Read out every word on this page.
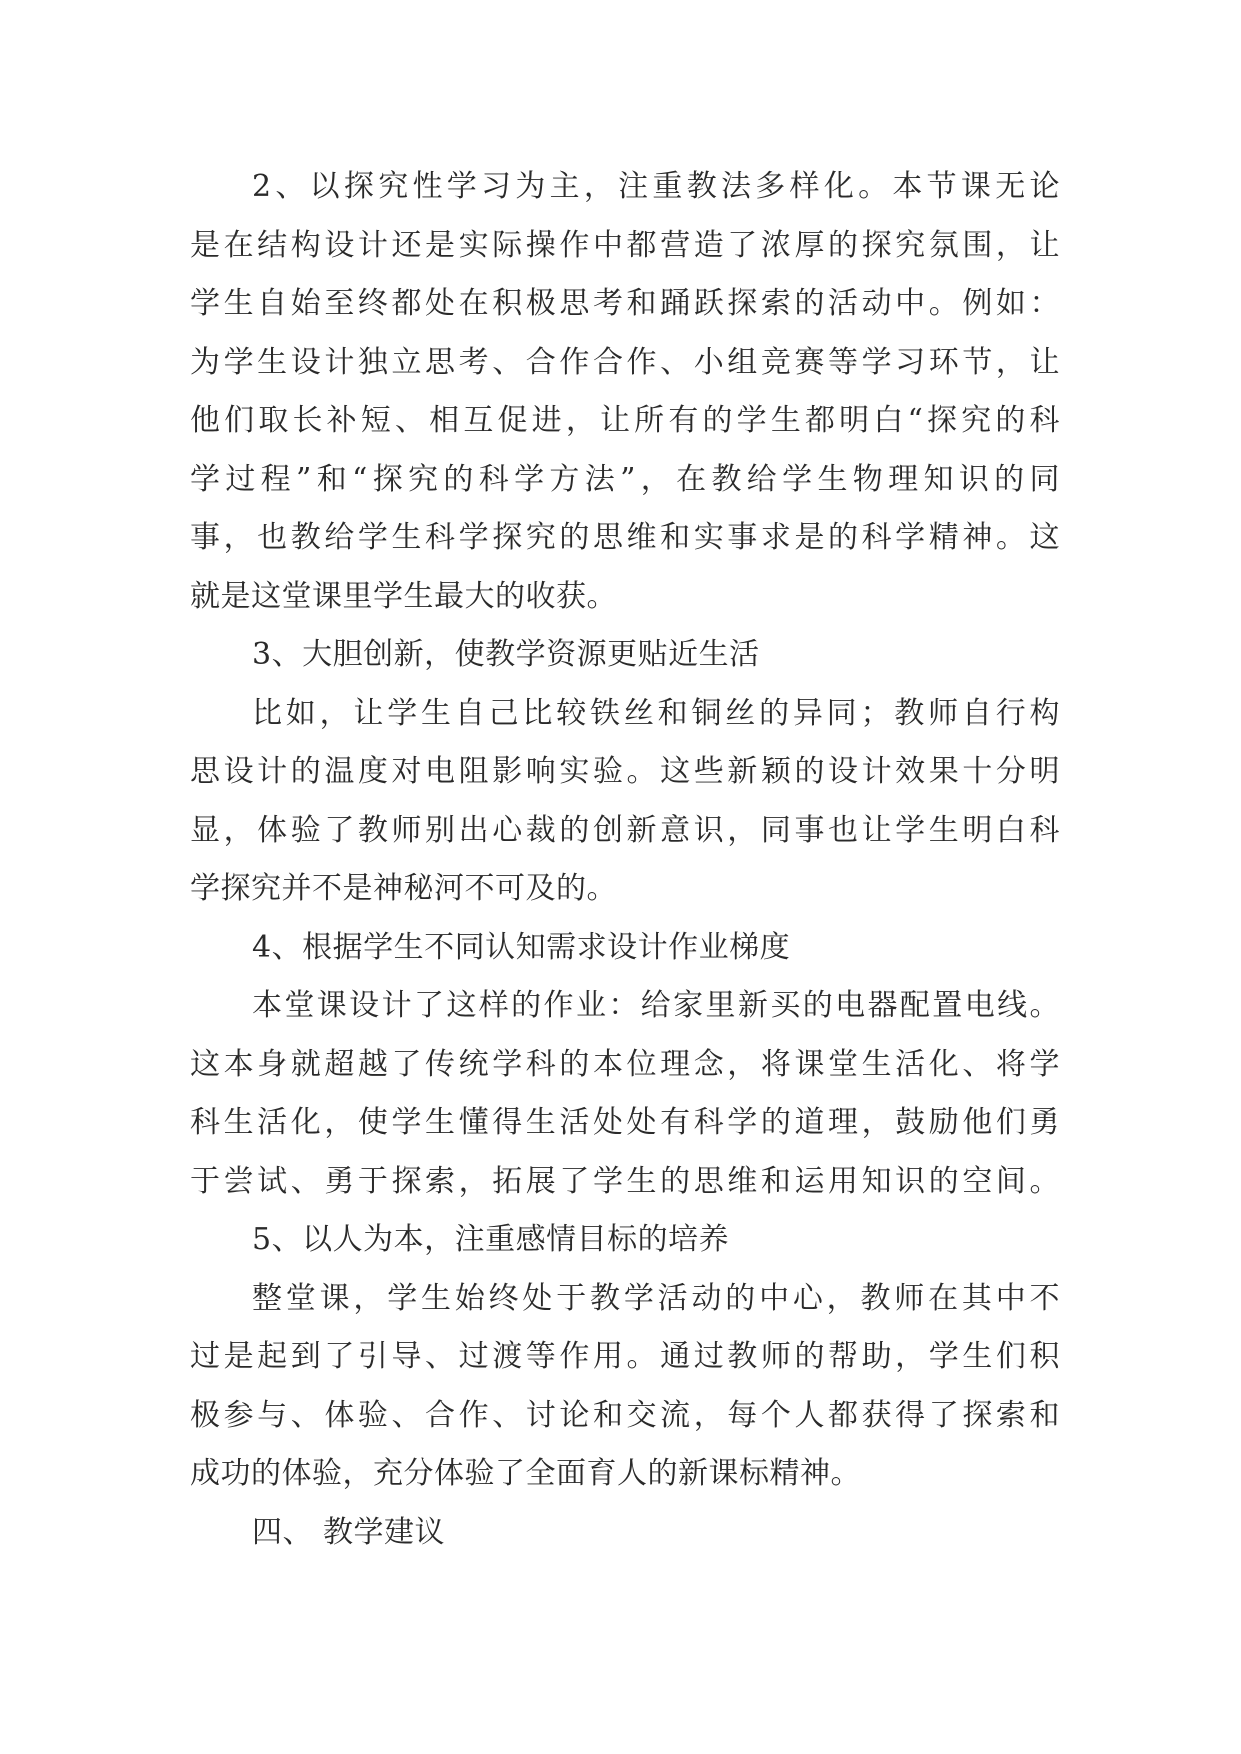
2、以探究性学习为主，注重教法多样化。本节课无论
是在结构设计还是实际操作中都营造了浓厚的探究氛围，让
学生自始至终都处在积极思考和踊跃探索的活动中。例如：
为学生设计独立思考、合作合作、小组竞赛等学习环节，让
他们取长补短、相互促进，让所有的学生都明白“探究的科
学过程”和“探究的科学方法”，在教给学生物理知识的同
事，也教给学生科学探究的思维和实事求是的科学精神。这
就是这堂课里学生最大的收获。
3、大胆创新，使教学资源更贴近生活
比如，让学生自己比较铁丝和铜丝的异同；教师自行构
思设计的温度对电阻影响实验。这些新颖的设计效果十分明
显，体验了教师别出心裁的创新意识，同事也让学生明白科
学探究并不是神秘河不可及的。
4、根据学生不同认知需求设计作业梯度
本堂课设计了这样的作业：给家里新买的电器配置电线。
这本身就超越了传统学科的本位理念，将课堂生活化、将学
科生活化，使学生懂得生活处处有科学的道理，鼓励他们勇
于尝试、勇于探索，拓展了学生的思维和运用知识的空间。
5、以人为本，注重感情目标的培养
整堂课，学生始终处于教学活动的中心，教师在其中不
过是起到了引导、过渡等作用。通过教师的帮助，学生们积
极参与、体验、合作、讨论和交流，每个人都获得了探索和
成功的体验，充分体验了全面育人的新课标精神。
四、 教学建议
